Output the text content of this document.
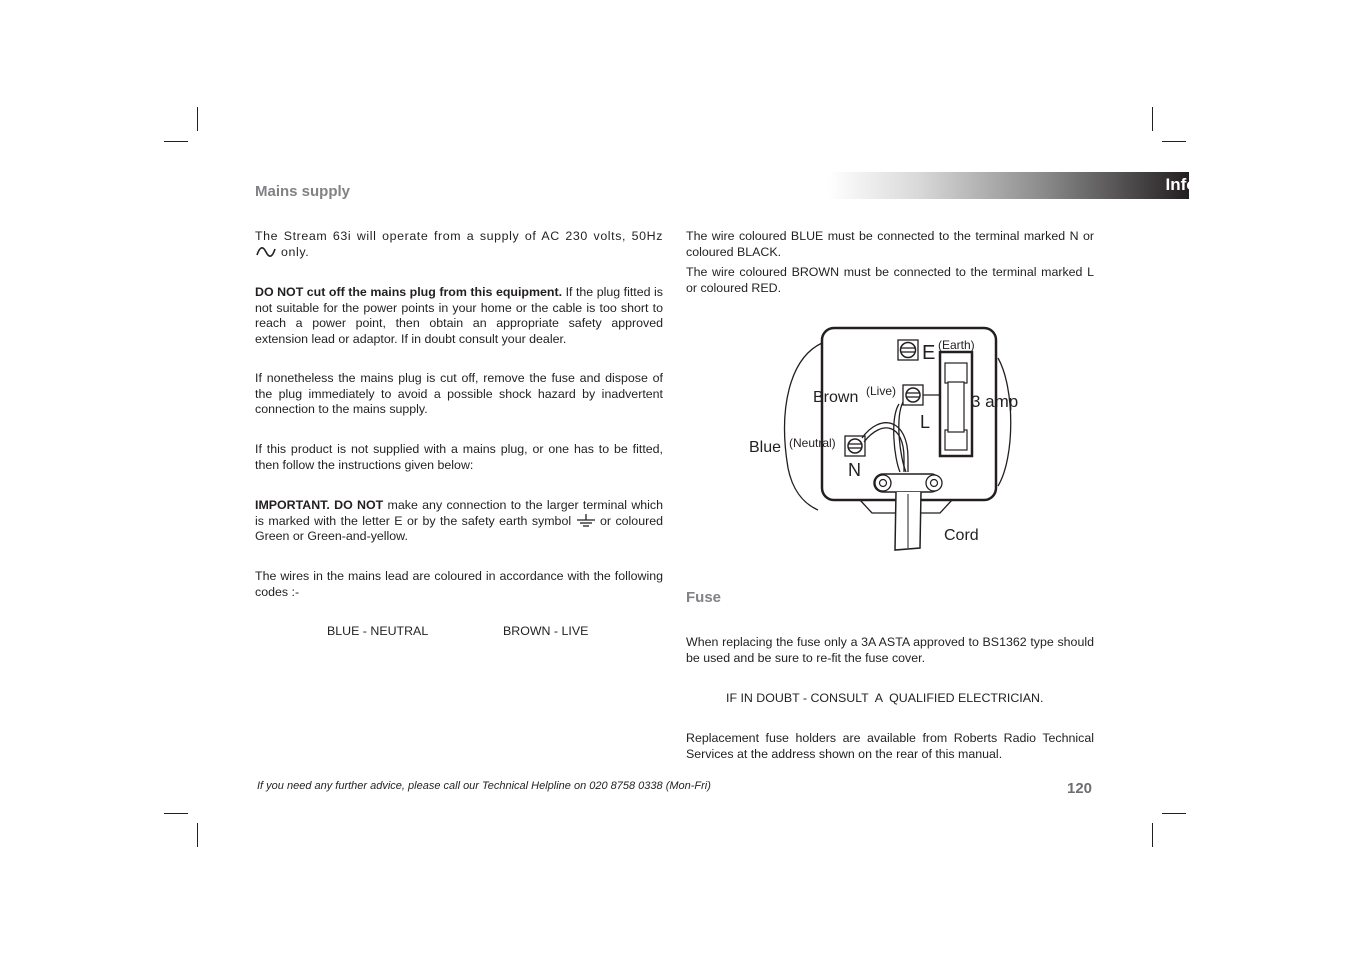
Mains supply	Information

The Stream 63i will operate from a supply of AC 230 volts, 50Hz  only.

DO NOT cut off the mains plug from this equipment. If the plug fitted is not suitable for the power points in your home or the cable is too short to reach a power point, then obtain an appropriate safety approved extension lead or adaptor. If in doubt consult your dealer.

If nonetheless the mains plug is cut off, remove the fuse and dispose of the plug immediately to avoid a possible shock hazard by inadvertent connection to the mains supply.

If this product is not supplied with a mains plug, or one has to be fitted, then follow the instructions given below:

IMPORTANT. DO NOT make any connection to the larger terminal which is marked with the letter E or by the safety earth symbol or coloured Green or Green-and-yellow.

The wires in the mains lead are coloured in accordance with the following codes :-

BLUE - NEUTRAL	BROWN - LIVE

The wire coloured BLUE must be connected to the terminal marked N or coloured BLACK.

The wire coloured BROWN must be connected to the terminal marked L or coloured RED.

E (Earth)
Brown (Live)
L
3 amp
Blue (Neutral)
N
Cord
Fuse

When replacing the fuse only a 3A ASTA approved to BS1362 type should be used and be sure to re-fit the fuse cover.

IF IN DOUBT - CONSULT  A  QUALIFIED ELECTRICIAN.

Replacement fuse holders are available from Roberts Radio Technical Services at the address shown on the rear of this manual.

If you need any further advice, please call our Technical Helpline on 020 8758 0338 (Mon-Fri)	120
